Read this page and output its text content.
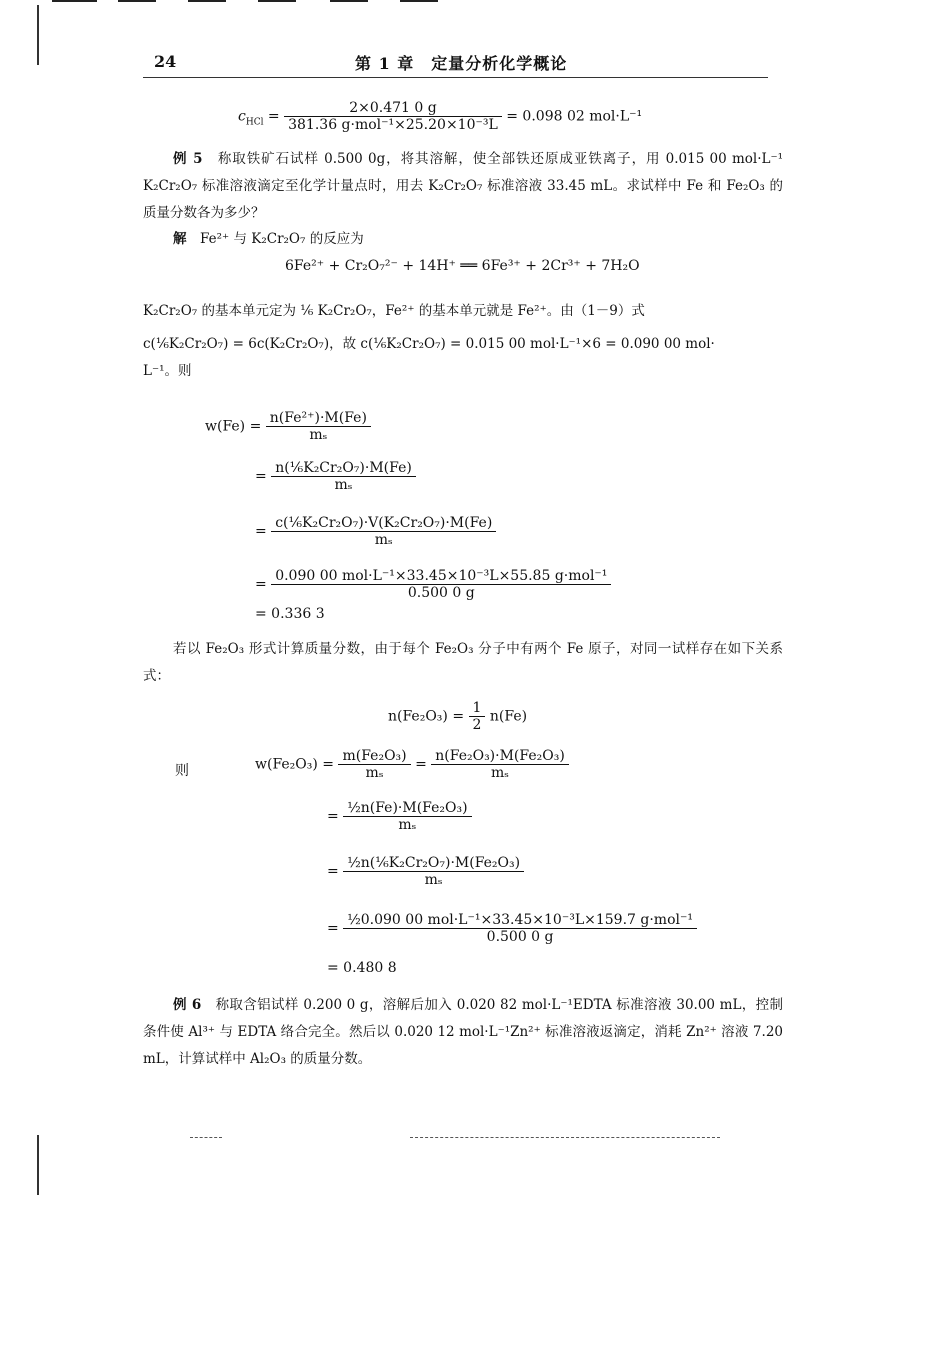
24	第 1 章　定量分析化学概论
$c_{HCl} = \frac{2\times 0.471 0 g}{\text{381.36 g·mol⁻¹×25.20×10⁻³L}} = 0.098$ 02 mol·L⁻¹
例 5　 称取铁矿石试样 0.500 0g，将其溶解，使全部铁还原成亚铁离子，用 0.015 00 mol·L⁻¹ K₂Cr₂O₇ 标准溶液滴定至化学计量点时，用去 K₂Cr₂O₇ 标准溶液 33.45 mL。求试样中 Fe 和 Fe₂O₃ 的质量分数各为多少？
解　 Fe²⁺ 与 K₂Cr₂O₇ 的反应为
6Fe²⁺ + Cr₂O₇²⁻ + 14H⁺ ══ 6Fe³⁺ + 2Cr³⁺ + 7H₂O
K₂Cr₂O₇ 的基本单元定为 ⅙ K₂Cr₂O₇，Fe²⁺ 的基本单元就是 Fe²⁺。由（1－9）式
c(⅙K₂Cr₂O₇) = 6c(K₂Cr₂O₇)，故 c(⅙K₂Cr₂O₇) = 0.015 00 mol·L⁻¹×6 = 0.090 00 mol·
L⁻¹。则
$w(Fe) = \frac{\text{n(Fe²⁺)·M(Fe)}}{\text{mₛ}}$
= $\frac{\text{n(⅙K₂Cr₂O₇)·M(Fe)}}{\text{mₛ}}$
= $\frac{\text{c(⅙K₂Cr₂O₇)·V(K₂Cr₂O₇)·M(Fe)}}{\text{mₛ}}$
= $\frac{\text{0.090 00 mol·L⁻¹×33.45×10⁻³L×55.85 g·mol⁻¹}}{0.500 0 g}$
= 0.336 3
若以 Fe₂O₃ 形式计算质量分数，由于每个 Fe₂O₃ 分子中有两个 Fe 原子，对同一试样存在如下关系式：
$n(Fe_2O_3) = \frac{1}{2} n(Fe)$
则	$w(Fe_2O_3) = \frac{\text{m(Fe₂O₃)}}{\text{mₛ}} = \frac{\text{n(Fe₂O₃)·M(Fe₂O₃)}}{\text{mₛ}}$
= $\frac{\text{½n(Fe)·M(Fe₂O₃)}}{\text{mₛ}}$
= $\frac{\text{½n(⅙K₂Cr₂O₇)·M(Fe₂O₃)}}{\text{mₛ}}$
= $\frac{\text{½0.090 00 mol·L⁻¹×33.45×10⁻³L×159.7 g·mol⁻¹}}{0.500 0 g}$
= 0.480 8
例 6　 称取含铝试样 0.200 0 g，溶解后加入 0.020 82 mol·L⁻¹EDTA 标准溶液 30.00 mL，控制条件使 Al³⁺ 与 EDTA 络合完全。然后以 0.020 12 mol·L⁻¹Zn²⁺ 标准溶液返滴定，消耗 Zn²⁺ 溶液 7.20 mL，计算试样中 Al₂O₃ 的质量分数。
